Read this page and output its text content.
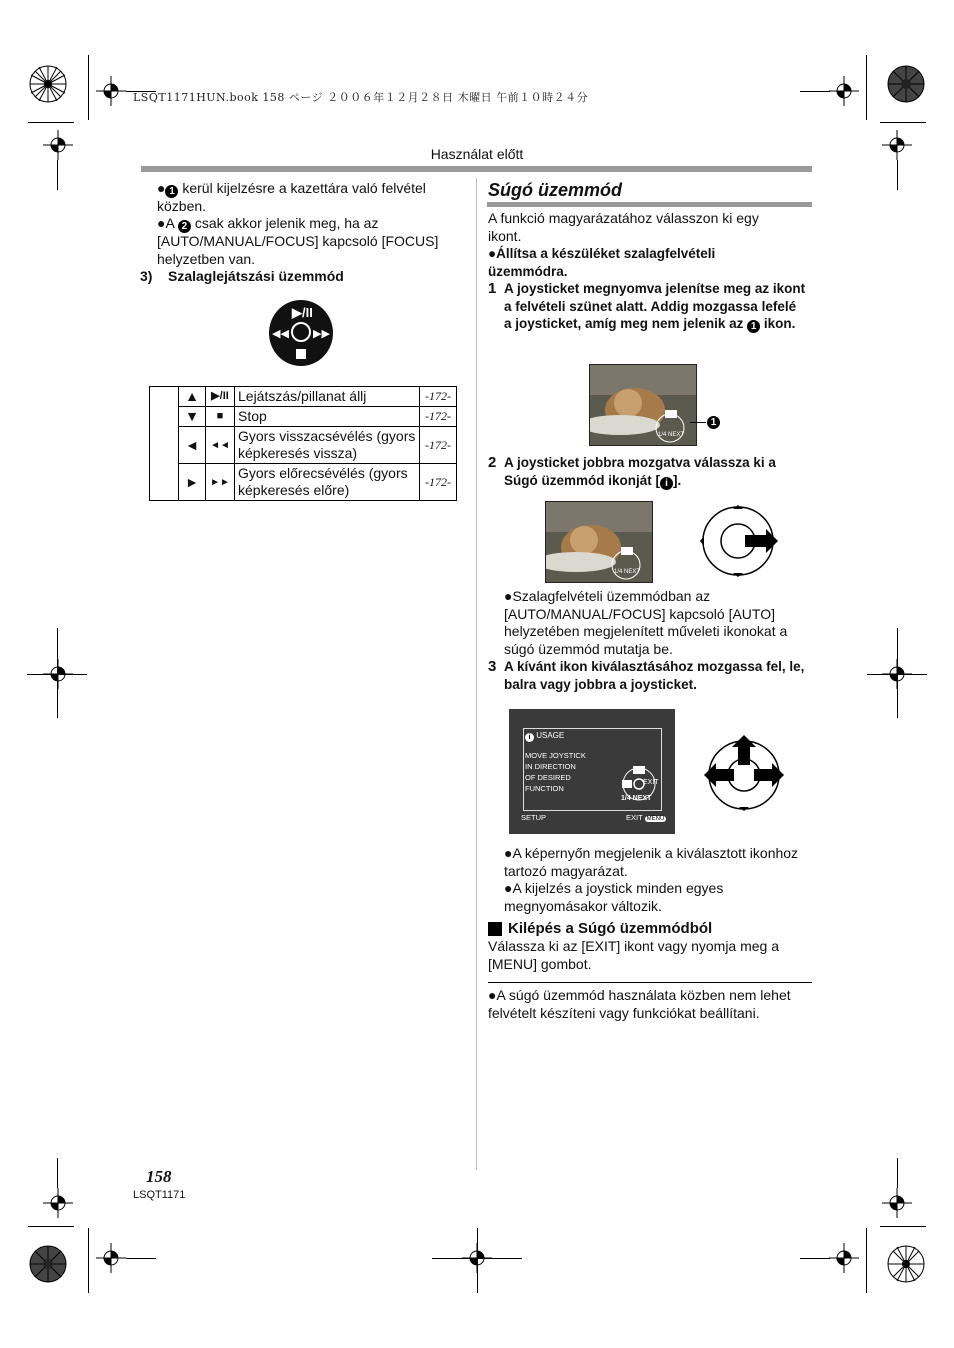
LSQT1171HUN.book 158 ページ ２００６年１２月２８日 木曜日 午前１０時２４分
Használat előtt
● 1 kerül kijelzésre a kazettára való felvétel közben.
●A 2 csak akkor jelenik meg, ha az [AUTO/MANUAL/FOCUS] kapcsoló [FOCUS] helyzetben van.
3)    Szalaglejátszási üzemmód
▶/II
◀◀ ▶▶
	▲	▶/II	Lejátszás/pillanat állj	-172-
	▼	■	Stop	-172-
	◄	◄◄	Gyors visszacsévélés (gyors képkeresés vissza)	-172-
	►	►►	Gyors előrecsévélés (gyors képkeresés előre)	-172-
Súgó üzemmód
A funkció magyarázatához válasszon ki egy ikont.
●Állítsa a készüléket szalagfelvételi üzemmódra.
1 A joysticket megnyomva jelenítse meg az ikont a felvételi szünet alatt. Addig mozgassa lefelé a joysticket, amíg meg nem jelenik az 1 ikon.
1/4 NEXT
1
2 A joysticket jobbra mozgatva válassza ki a Súgó üzemmód ikonját [ i ].
1/4 NEXT
●Szalagfelvételi üzemmódban az [AUTO/MANUAL/FOCUS] kapcsoló [AUTO] helyzetében megjelenített műveleti ikonokat a súgó üzemmód mutatja be.
3 A kívánt ikon kiválasztásához mozgassa fel, le, balra vagy jobbra a joysticket.
i USAGE
MOVE JOYSTICK
IN DIRECTION
OF DESIRED
FUNCTION
EXIT
1/4 NEXT
SETUP	EXIT MENU
●A képernyőn megjelenik a kiválasztott ikonhoz tartozó magyarázat.
●A kijelzés a joystick minden egyes megnyomásakor változik.
Kilépés a Súgó üzemmódból
Válassza ki az [EXIT] ikont vagy nyomja meg a [MENU] gombot.
●A súgó üzemmód használata közben nem lehet felvételt készíteni vagy funkciókat beállítani.
158
LSQT1171
